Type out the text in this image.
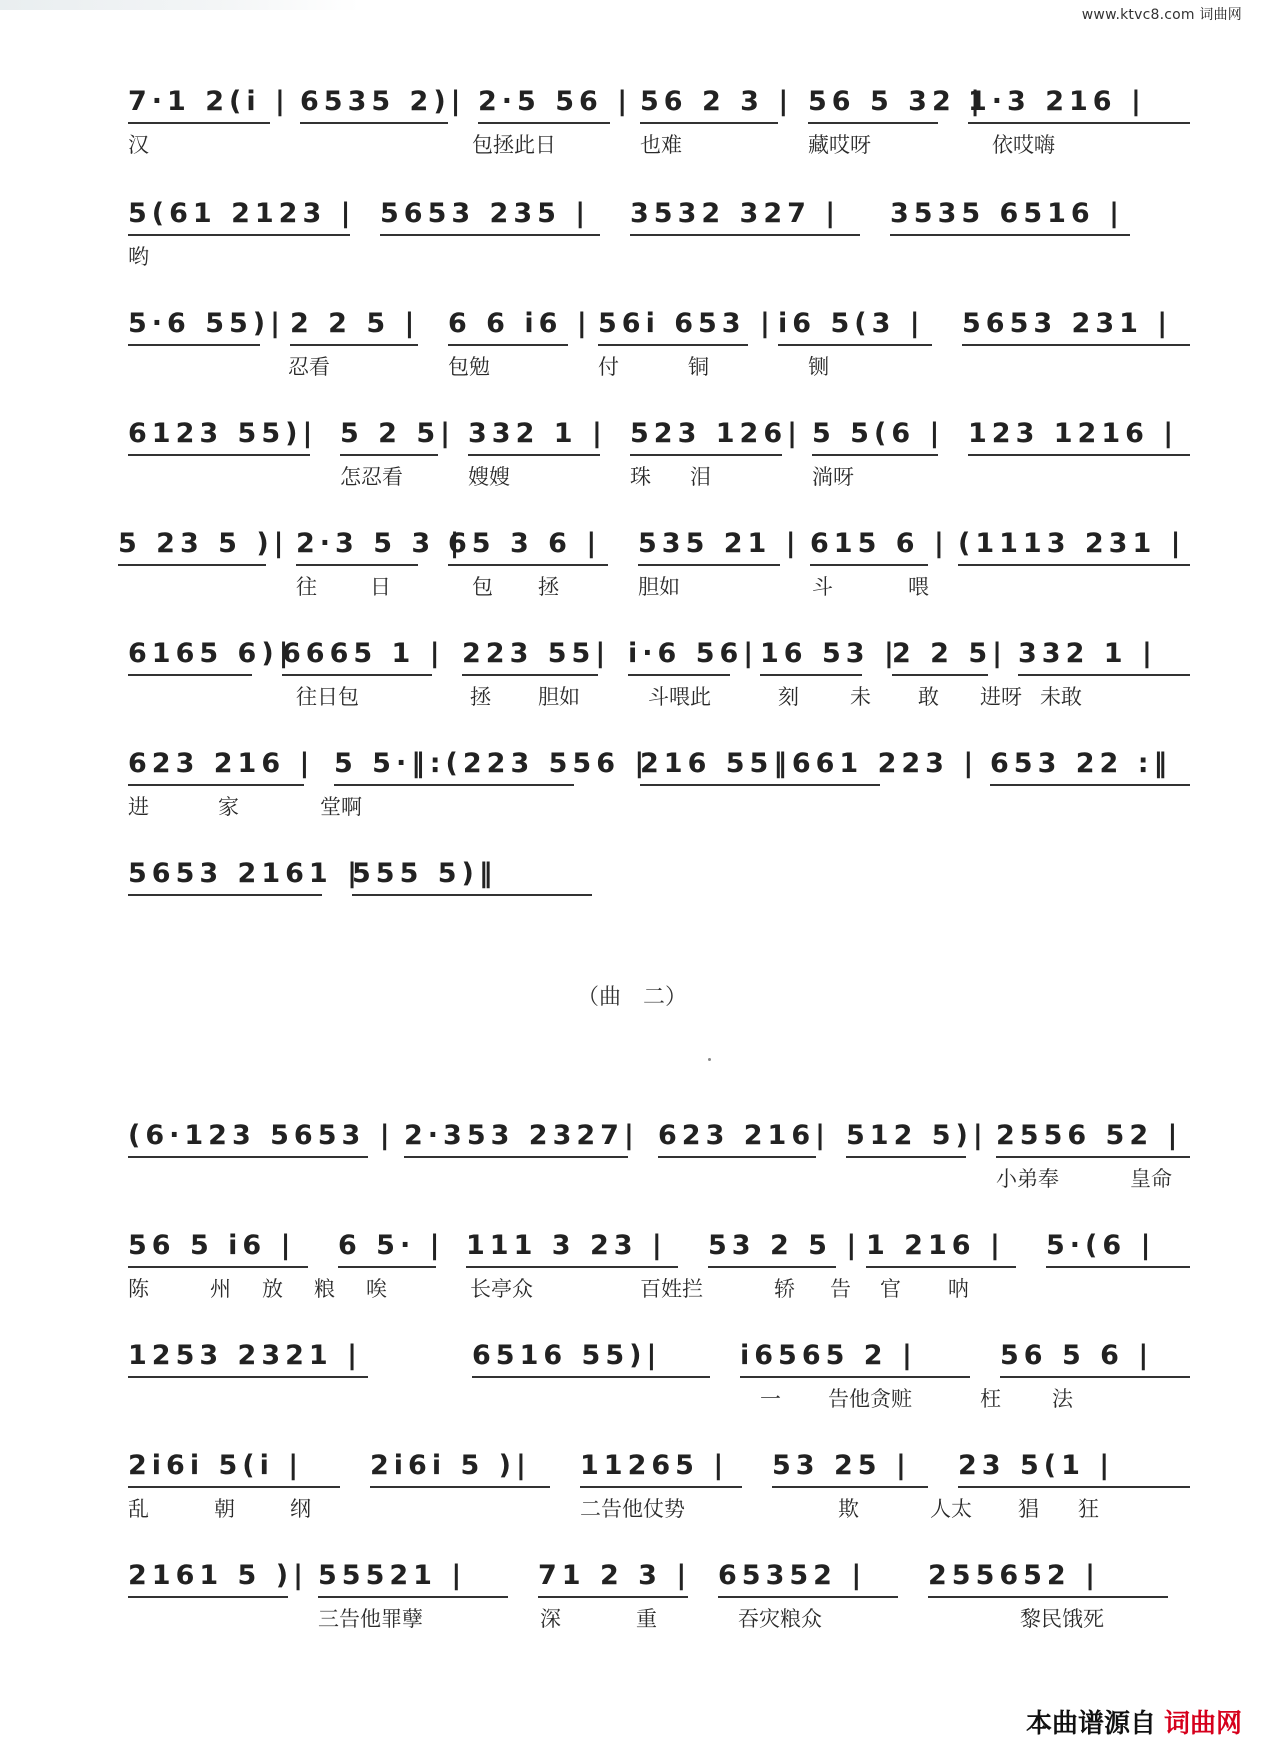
www.ktvc8.com 词曲网
7·1 2(i | 6535 2)| 2·5 56 | 56 2 3 | 56 5 32 |
1·3 216 |
汉	包拯此日	也难	藏哎呀	依哎嗨
5(61 2123 | 5653 235 | 3532 327 | 3535 6516 |
哟
5·6 55)| 2 2 5 | 6 6 i6 | 56i 653 | i6 5(3 | 5653 231 |
忍看	包勉	付	铜	铡
6123 55)| 5 2 5| 332 1 | 523 126| 5 5(6 | 123 1216 |
怎忍看	嫂嫂	珠 泪	淌呀
5 23 5 )| 2·3 5 3 |
65 3 6 | 535 21 | 615 6 | (1113 231 |
往	日	包 拯	胆如	斗	喂
6165 6)|
6665 1 | 223 55| i·6 56| 16 53 |
2 2 5| 332 1 |
往日包	拯 胆如	斗喂此	刻 未 敢 进呀 未敢
623 216 | 5 5·‖:(223 556 |
216 55‖661 223 | 653 22 :‖
进	家	堂啊
5653 2161 |
555 5)‖
(6·123 5653 | 2·353 2327| 623 216| 512 5)| 2556 52 |
小弟奉	皇命
56 5 i6 | 6 5· | 111 3 23 | 53 2 5 | 1 216 | 5·(6 |
陈	州 放 粮 唉	长亭众	百姓拦	轿 告 官 呐
1253 2321 |	6516 55)|	i6565 2 |	56 5 6 |
一 告他贪赃	枉 法
2i6i 5(i | 2i6i 5 )| 11265 | 53 25 | 23 5(1 |
乱	朝	纲	二告他仗势	欺	人太 猖 狂
2161 5 )| 55521 |	71 2 3 | 65352 | 255652 |
三告他罪孽	深	重	吞灾粮众	黎民饿死
（曲　二）
本曲谱源自 词曲网
